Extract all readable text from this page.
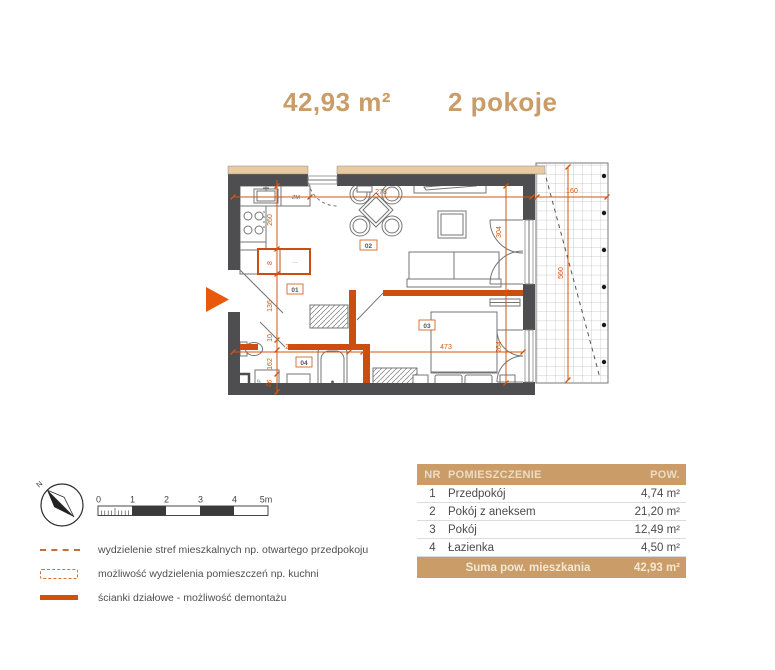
42,93 m² 2 pokoje
ZM
···
P
260
8
136
10
162
16
278
295	10	473
304
264
160
560
01
02
03
04
N
0	1	2	3	4	5m
wydzielenie stref mieszkalnych np. otwartego przedpokoju
możliwość wydzielenia pomieszczeń np. kuchni
ścianki działowe - możliwość demontażu
NR POMIESZCZENIE	POW.
1	Przedpokój	4,74 m²
2	Pokój z aneksem	21,20 m²
3	Pokój	12,49 m²
4	Łazienka	4,50 m²
Suma pow. mieszkania	42,93 m²
